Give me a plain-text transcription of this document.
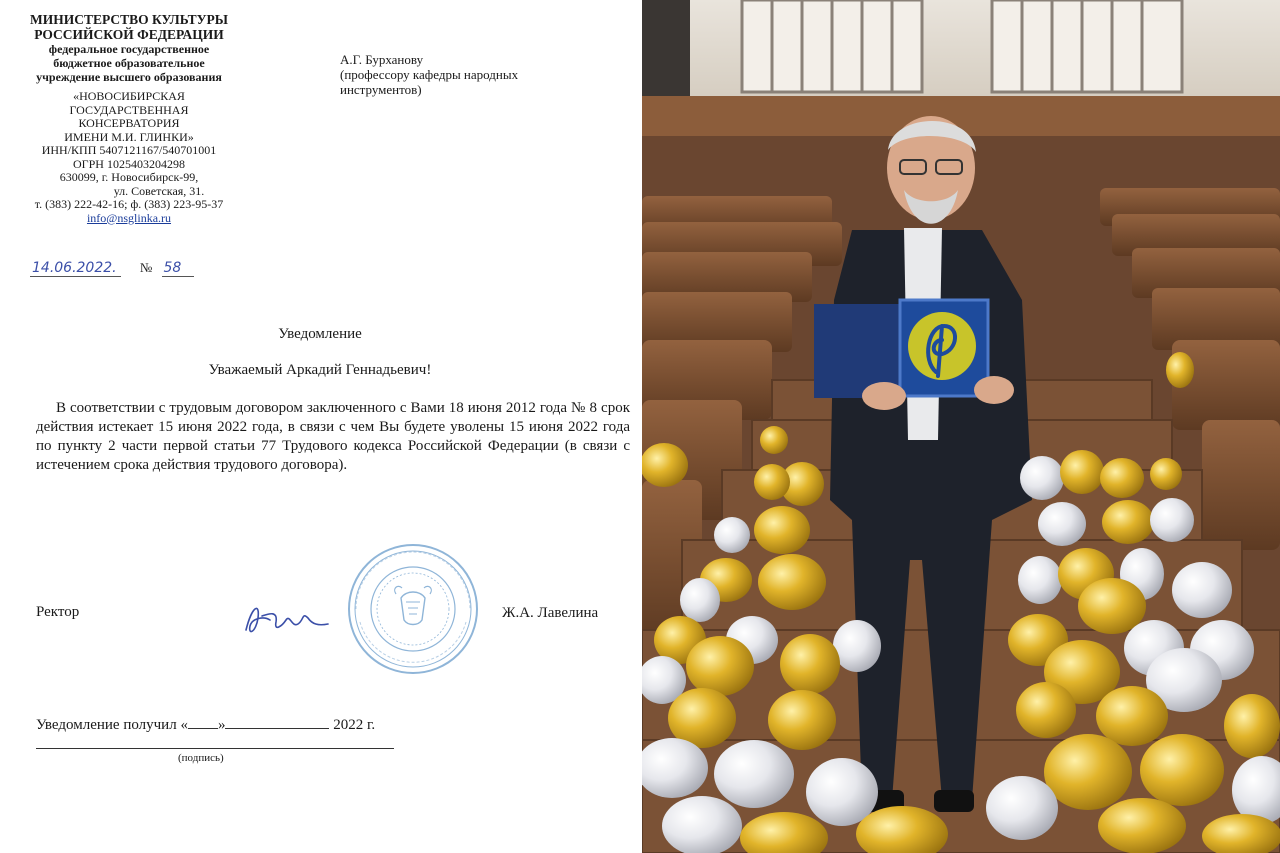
МИНИСТЕРСТВО КУЛЬТУРЫ
РОССИЙСКОЙ ФЕДЕРАЦИИ
федеральное государственное
бюджетное образовательное
учреждение высшего образования
«НОВОСИБИРСКАЯ
ГОСУДАРСТВЕННАЯ
КОНСЕРВАТОРИЯ
ИМЕНИ М.И. ГЛИНКИ»
ИНН/КПП 5407121167/540701001
ОГРН 1025403204298
630099, г. Новосибирск-99,
ул. Советская, 31.
т. (383) 222-42-16; ф. (383) 223-95-37
info@nsglinka.ru
А.Г. Бурханову
(профессору кафедры народных
инструментов)
14.06.2022. № 58
Уведомление
Уважаемый Аркадий Геннадьевич!
В соответствии с трудовым договором заключенного с Вами 18 июня 2012 года № 8 срок действия истекает 15 июня 2022 года, в связи с чем Вы будете уволены 15 июня 2022 года по пункту 2 части первой статьи 77 Трудового кодекса Российской Федерации (в связи с истечением срока действия трудового договора).
Ректор	Ж.А. Лавелина
Уведомление получил « »	2022 г.
(подпись)
